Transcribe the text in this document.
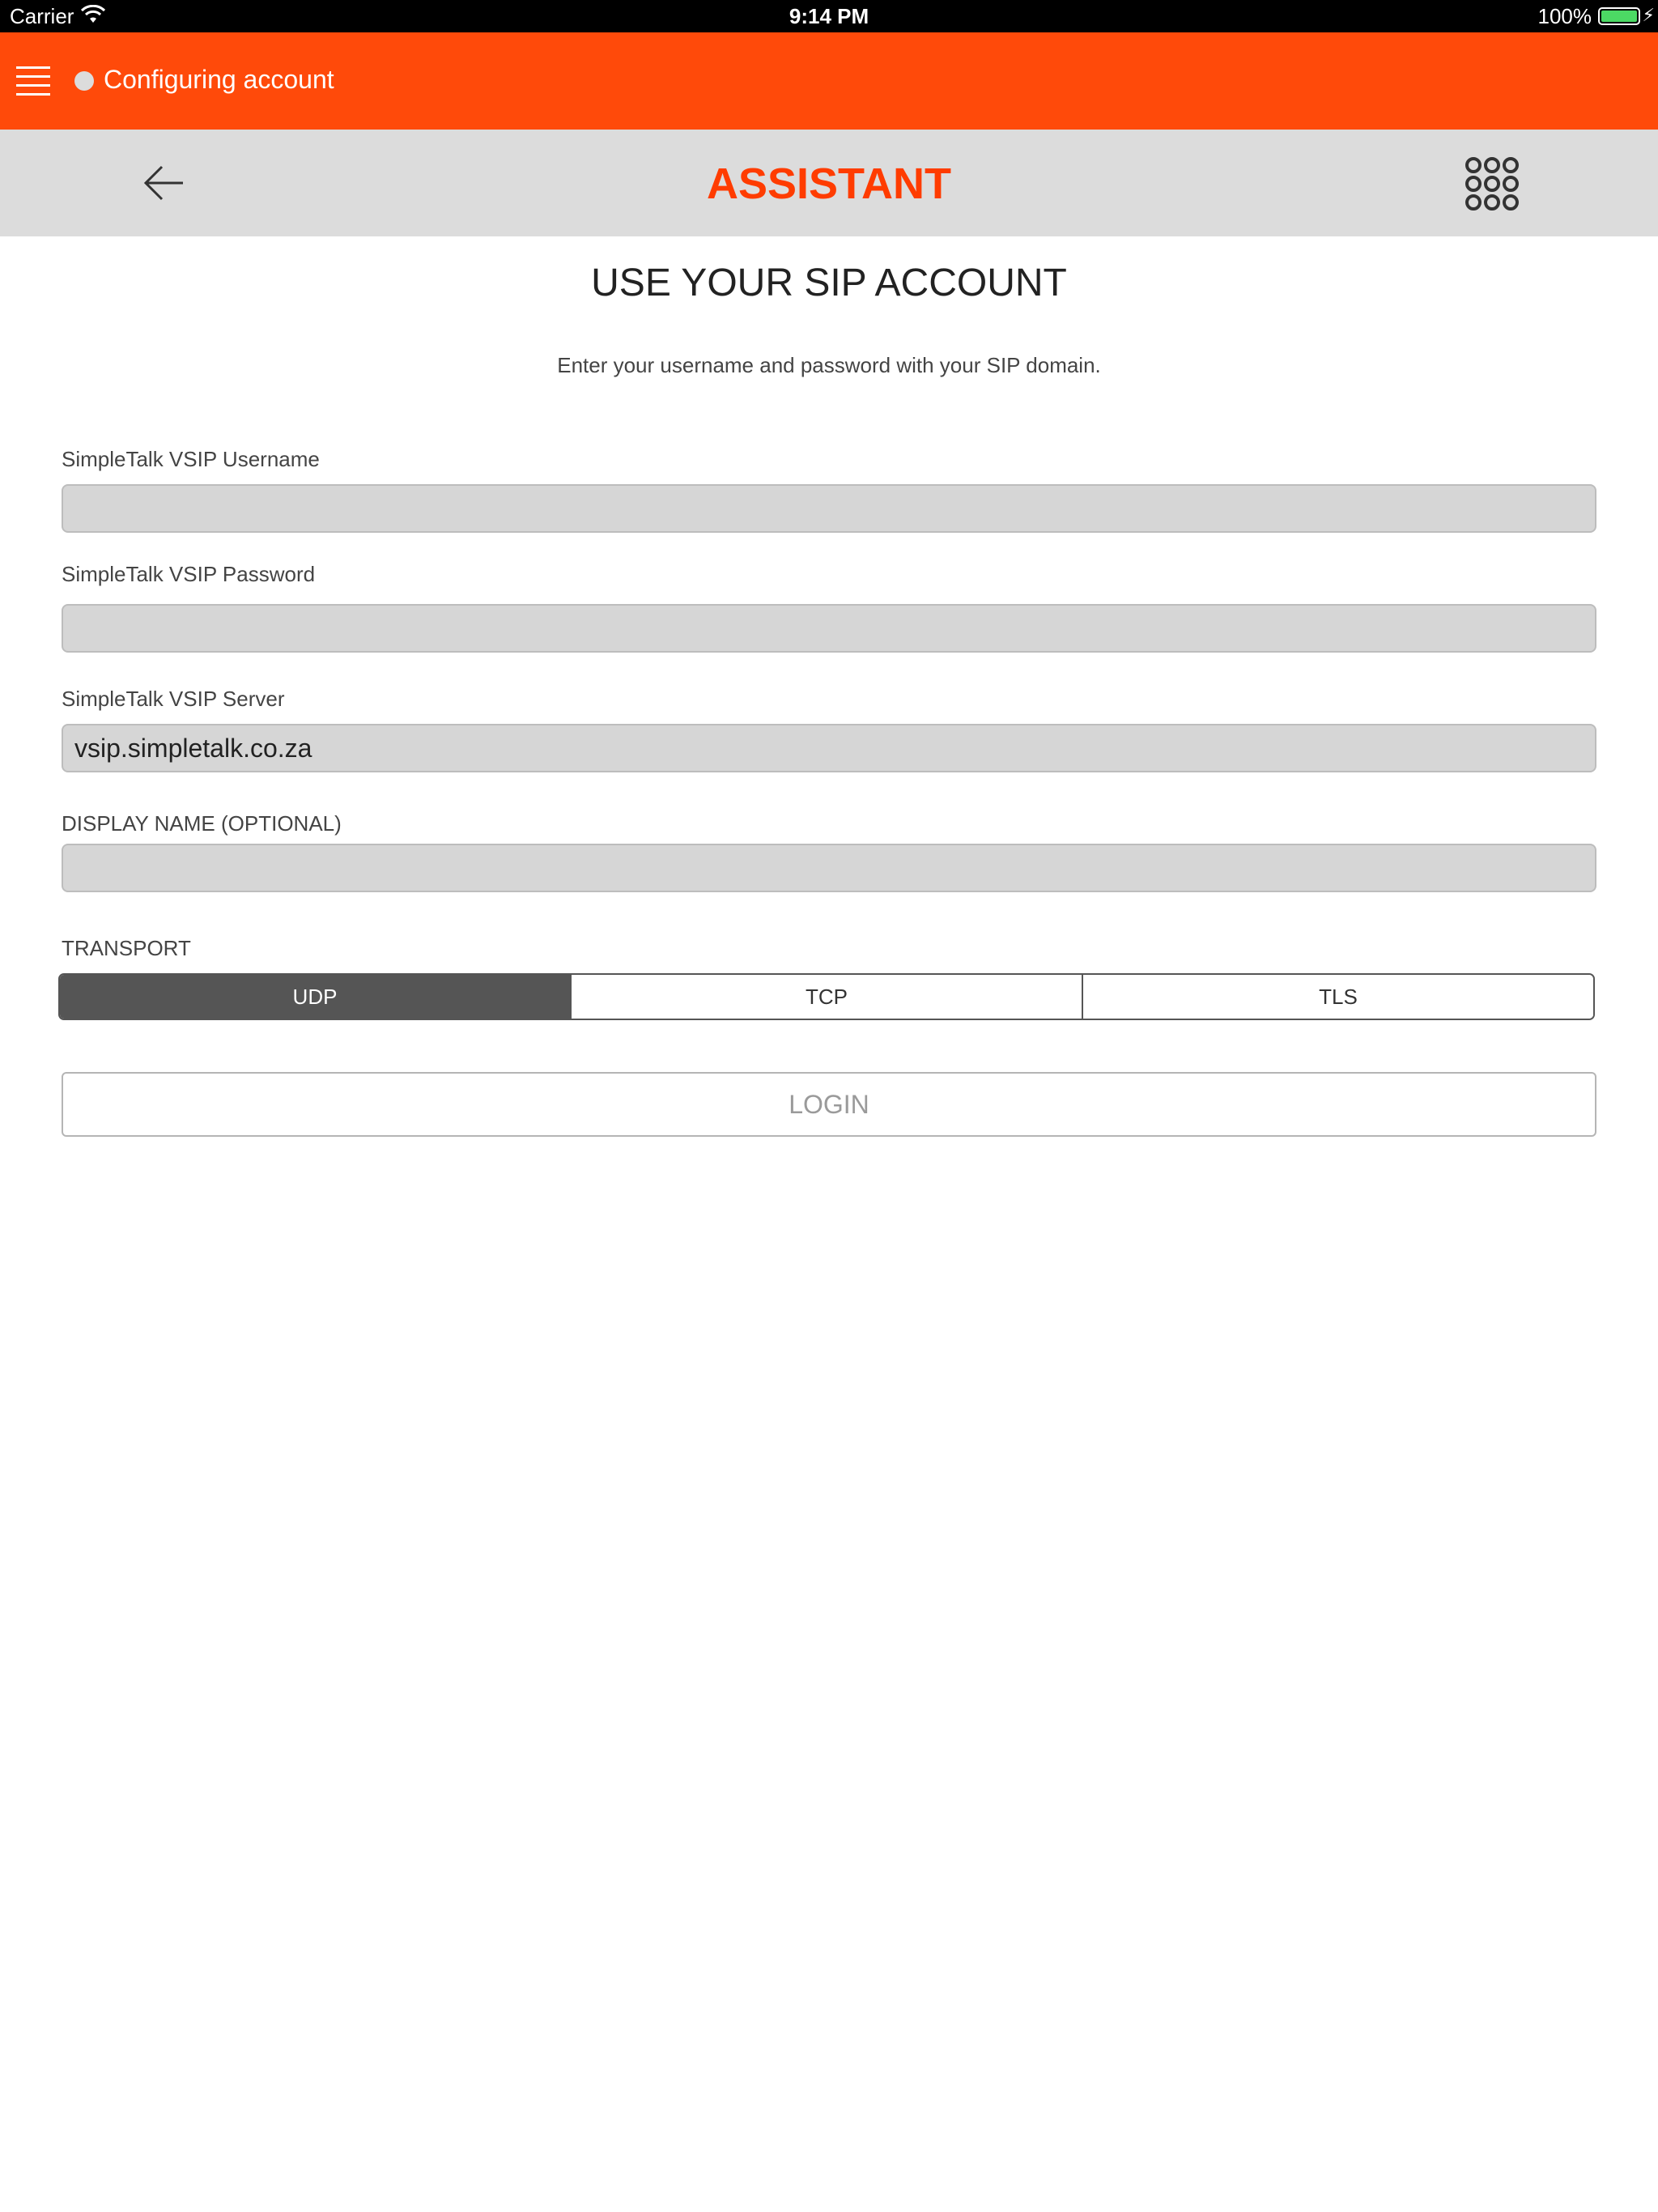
Carrier	9:14 PM	100%	⚡
Configuring account
ASSISTANT
USE YOUR SIP ACCOUNT
Enter your username and password with your SIP domain.
SimpleTalk VSIP Username
SimpleTalk VSIP Password
SimpleTalk VSIP Server
vsip.simpletalk.co.za
DISPLAY NAME (OPTIONAL)
TRANSPORT
UDP	TCP	TLS
LOGIN
